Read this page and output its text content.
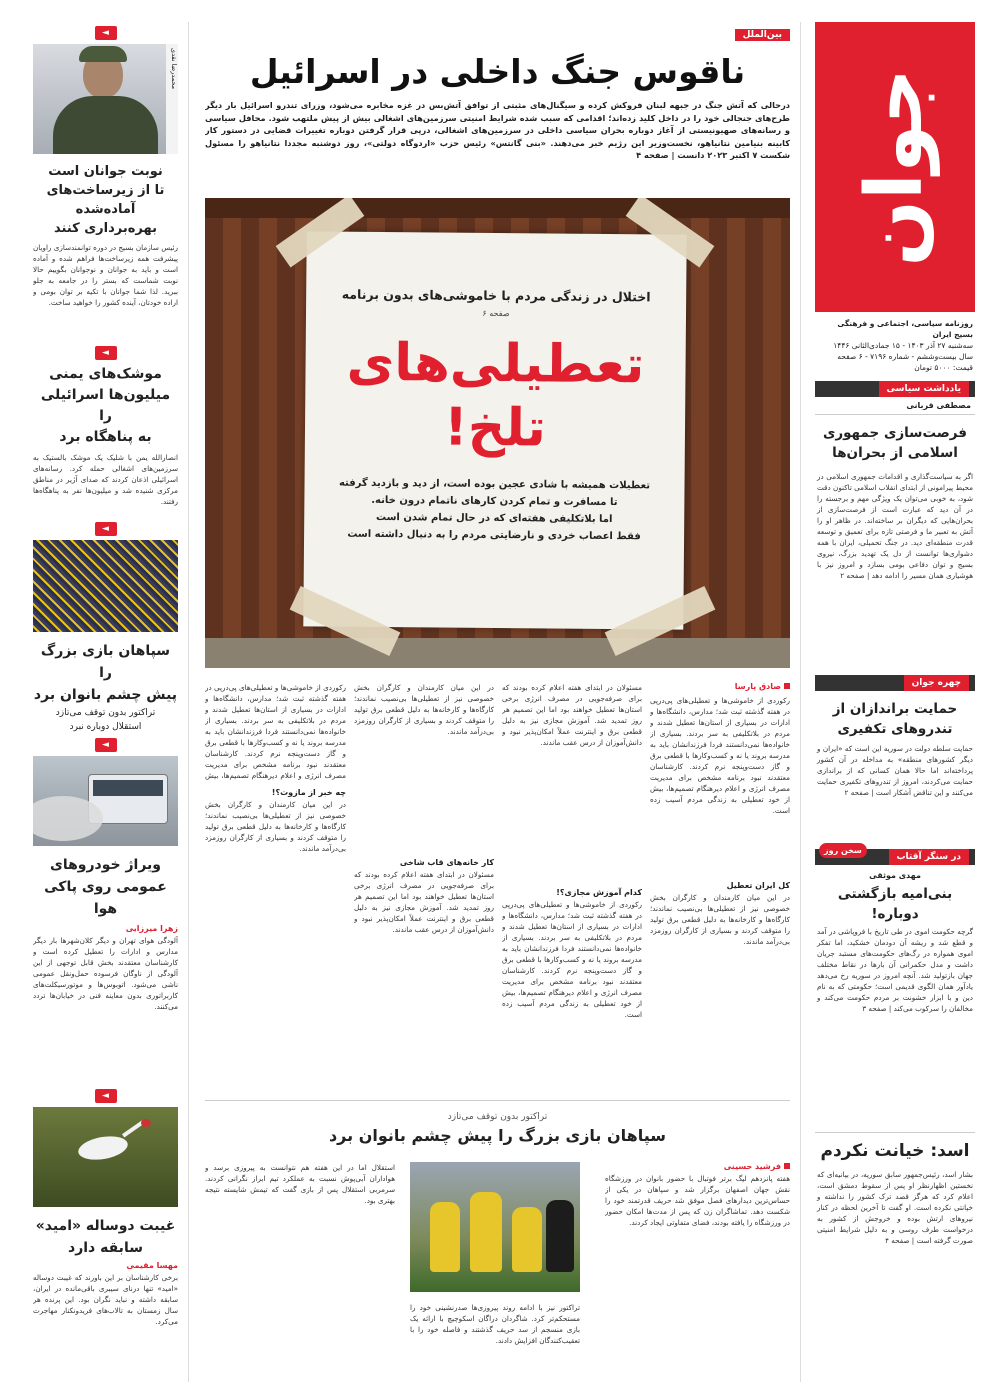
جوان
روزنامه سیاسی، اجتماعی و فرهنگی بسیج ایران
سه‌شنبه ۲۷ آذر ۱۴۰۳ - ۱۵ جمادی‌الثانی ۱۴۴۶
سال بیست‌وششم - شماره ۷۱۹۶ - ۶ صفحه
قیمت: ۵۰۰۰ تومان
یادداشت سیاسی
مصطفی قربانی
فرصت‌سازی جمهوری اسلامی از بحران‌ها
اگر به سیاست‌گذاری و اقدامات جمهوری اسلامی در محیط پیرامونی از ابتدای انقلاب اسلامی تاکنون دقت شود، به خوبی می‌توان یک ویژگی مهم و برجسته را در آن دید که عبارت است از فرصت‌سازی از بحران‌هایی که دیگران بر ساخته‌اند. در ظاهر او را آتش به تعبیر ما و فرصتی تازه برای تعمیق و توسعه قدرت منطقه‌ای دید. در جنگ تحمیلی، ایران با همه دشواری‌ها توانست از دل یک تهدید بزرگ، نیروی بسیج و توان دفاعی بومی بسازد و امروز نیز با هوشیاری همان مسیر را ادامه دهد | صفحه ۲
چهره جوان
حمایت براندازان از تندروهای تکفیری
حمایت سلطه دولت در سوریه این است که «ایران و دیگر کشورهای منطقه» به مداخله در آن کشور پرداخته‌اند اما حالا همان کسانی که از براندازی حمایت می‌کردند، امروز از تندروهای تکفیری حمایت می‌کنند و این تناقض آشکار است | صفحه ۲
در سنگر آقتاب
سخن روز
مهدی موثقی
بنی‌امیه بازگشتی دوباره!
گرچه حکومت اموی در طی تاریخ با فروپاشی در آمد و قطع شد و ریشه آن دودمان خشکید، اما تفکر اموی همواره در رگ‌های حکومت‌های مستبد جریان داشت و مدل حکمرانی آن بارها در نقاط مختلف جهان بازتولید شد. آنچه امروز در سوریه رخ می‌دهد یادآور همان الگوی قدیمی است؛ حکومتی که به نام دین و با ابزار خشونت بر مردم حکومت می‌کند و مخالفان را سرکوب می‌کند | صفحه ۳
اسد: خیانت نکردم
بشار اسد، رئیس‌جمهور سابق سوریه، در بیانیه‌ای که نخستین اظهارنظر او پس از سقوط دمشق است، اعلام کرد که هرگز قصد ترک کشور را نداشته و خیانتی نکرده است. او گفت تا آخرین لحظه در کنار نیروهای ارتش بوده و خروجش از کشور به درخواست طرف روسی و به دلیل شرایط امنیتی صورت گرفته است | صفحه ۴
◄
محمدرضا نقدی
نوبت جوانان است
تا از زیرساخت‌های آماده‌شده
بهره‌برداری کنند
رئیس سازمان بسیج در دوره توانمندسازی راویان پیشرفت همه زیرساخت‌ها فراهم شده و آماده است و باید به جوانان و نوجوانان بگوییم حالا نوبت شماست که بستر را در جامعه به جلو ببرید. لذا شما جوانان با تکیه بر توان بومی و اراده خودتان، آینده کشور را خواهید ساخت.
◄
موشک‌های یمنی
میلیون‌ها اسرائیلی را
به پناهگاه برد
انصارالله یمن با شلیک یک موشک بالستیک به سرزمین‌های اشغالی حمله کرد. رسانه‌های اسرائیلی اذعان کردند که صدای آژیر در مناطق مرکزی شنیده شد و میلیون‌ها نفر به پناهگاه‌ها رفتند.
◄
سپاهان بازی بزرگ را
پیش چشم بانوان برد
تراکتور بدون توقف می‌تازد
استقلال دوباره نبرد
◄
ویراژ خودروهای
عمومی روی پاکی هوا
زهرا میرزایی
آلودگی هوای تهران و دیگر کلان‌شهرها بار دیگر مدارس و ادارات را تعطیل کرده است و کارشناسان معتقدند بخش قابل توجهی از این آلودگی از ناوگان فرسوده حمل‌ونقل عمومی ناشی می‌شود. اتوبوس‌ها و موتورسیکلت‌های کاربراتوری بدون معاینه فنی در خیابان‌ها تردد می‌کنند.
◄
غیبت دوساله «امید»
سابقه دارد
مهسا مقیمی
برخی کارشناسان بر این باورند که غیبت دوساله «امید» تنها درنای سیبری باقی‌مانده در ایران، سابقه داشته و نباید نگران بود. این پرنده هر سال زمستان به تالاب‌های فریدونکنار مهاجرت می‌کرد.
بین‌الملل
ناقوس جنگ داخلی در اسرائیل
درحالی که آتش جنگ در جبهه لبنان فروکش کرده و سیگنال‌های مثبتی از توافق آتش‌بس در غزه مخابره می‌شود، وزرای تندرو اسرائیل بار دیگر طرح‌های جنجالی خود را در داخل کلید زده‌اند؛ اقدامی که سبب شده شرایط امنیتی سرزمین‌های اشغالی بیش از پیش ملتهب شود. محافل سیاسی و رسانه‌های صهیونیستی از آغاز دوباره بحران سیاسی داخلی در سرزمین‌های اشغالی، درپی قرار گرفتن دوباره تغییرات قضایی در دستور کار کابینه بنیامین نتانیاهو، نخست‌وزیر این رژیم خبر می‌دهند. «بنی گانتس» رئیس حزب «اردوگاه دولتی»، روز دوشنبه مجددا نتانیاهو را مسئول شکست ۷ اکتبر ۲۰۲۳ دانست | صفحه ۴
اختلال در زندگی مردم با خاموشی‌های بدون برنامه
صفحه ۶
تعطیلی‌های
تلخ!
تعطیلات همیشه با شادی عجین بوده است، از دید و بازدید گرفته
تا مسافرت و تمام کردن کارهای ناتمام درون خانه.
اما بلاتکلیفی هفته‌ای که در حال تمام شدن است
فقط اعصاب خردی و نارضایتی مردم را به دنبال داشته است
صادق پارسا
رکوردی از خاموشی‌ها و تعطیلی‌های پی‌درپی در هفته گذشته ثبت شد؛ مدارس، دانشگاه‌ها و ادارات در بسیاری از استان‌ها تعطیل شدند و مردم در بلاتکلیفی به سر بردند. بسیاری از خانواده‌ها نمی‌دانستند فردا فرزندانشان باید به مدرسه بروند یا نه و کسب‌وکارها با قطعی برق و گاز دست‌وپنجه نرم کردند. کارشناسان معتقدند نبود برنامه مشخص برای مدیریت مصرف انرژی و اعلام دیرهنگام تصمیم‌ها، بیش از خود تعطیلی به زندگی مردم آسیب زده است.
کل ایران تعطیل
در این میان کارمندان و کارگران بخش خصوصی نیز از تعطیلی‌ها بی‌نصیب نماندند؛ کارگاه‌ها و کارخانه‌ها به دلیل قطعی برق تولید را متوقف کردند و بسیاری از کارگران روزمزد بی‌درآمد ماندند.
مسئولان در ابتدای هفته اعلام کرده بودند که برای صرفه‌جویی در مصرف انرژی برخی استان‌ها تعطیل خواهند بود اما این تصمیم هر روز تمدید شد. آموزش مجازی نیز به دلیل قطعی برق و اینترنت عملاً امکان‌پذیر نبود و دانش‌آموزان از درس عقب ماندند.
کدام آموزش مجازی؟!
رکوردی از خاموشی‌ها و تعطیلی‌های پی‌درپی در هفته گذشته ثبت شد؛ مدارس، دانشگاه‌ها و ادارات در بسیاری از استان‌ها تعطیل شدند و مردم در بلاتکلیفی به سر بردند. بسیاری از خانواده‌ها نمی‌دانستند فردا فرزندانشان باید به مدرسه بروند یا نه و کسب‌وکارها با قطعی برق و گاز دست‌وپنجه نرم کردند. کارشناسان معتقدند نبود برنامه مشخص برای مدیریت مصرف انرژی و اعلام دیرهنگام تصمیم‌ها، بیش از خود تعطیلی به زندگی مردم آسیب زده است.
در این میان کارمندان و کارگران بخش خصوصی نیز از تعطیلی‌ها بی‌نصیب نماندند؛ کارگاه‌ها و کارخانه‌ها به دلیل قطعی برق تولید را متوقف کردند و بسیاری از کارگران روزمزد بی‌درآمد ماندند.
کار خانه‌های قاب شاخی
مسئولان در ابتدای هفته اعلام کرده بودند که برای صرفه‌جویی در مصرف انرژی برخی استان‌ها تعطیل خواهند بود اما این تصمیم هر روز تمدید شد. آموزش مجازی نیز به دلیل قطعی برق و اینترنت عملاً امکان‌پذیر نبود و دانش‌آموزان از درس عقب ماندند.
رکوردی از خاموشی‌ها و تعطیلی‌های پی‌درپی در هفته گذشته ثبت شد؛ مدارس، دانشگاه‌ها و ادارات در بسیاری از استان‌ها تعطیل شدند و مردم در بلاتکلیفی به سر بردند. بسیاری از خانواده‌ها نمی‌دانستند فردا فرزندانشان باید به مدرسه بروند یا نه و کسب‌وکارها با قطعی برق و گاز دست‌وپنجه نرم کردند. کارشناسان معتقدند نبود برنامه مشخص برای مدیریت مصرف انرژی و اعلام دیرهنگام تصمیم‌ها، بیش
چه خبر از مازوت؟!
در این میان کارمندان و کارگران بخش خصوصی نیز از تعطیلی‌ها بی‌نصیب نماندند؛ کارگاه‌ها و کارخانه‌ها به دلیل قطعی برق تولید را متوقف کردند و بسیاری از کارگران روزمزد بی‌درآمد ماندند.
تراکتور بدون توقف می‌تازد
سپاهان بازی بزرگ را پیش چشم بانوان برد
فرشید حسینی
هفته پانزدهم لیگ برتر فوتبال با حضور بانوان در ورزشگاه نقش جهان اصفهان برگزار شد و سپاهان در یکی از حساس‌ترین دیدارهای فصل موفق شد حریف قدرتمند خود را شکست دهد. تماشاگران زن که پس از مدت‌ها امکان حضور در ورزشگاه را یافته بودند، فضای متفاوتی ایجاد کردند.
تراکتور نیز با ادامه روند پیروزی‌ها صدرنشینی خود را مستحکم‌تر کرد. شاگردان دراگان اسکوچیچ با ارائه یک بازی منسجم از سد حریف گذشتند و فاصله خود را با تعقیب‌کنندگان افزایش دادند.
استقلال اما در این هفته هم نتوانست به پیروزی برسد و هواداران آبی‌پوش نسبت به عملکرد تیم ابراز نگرانی کردند. سرمربی استقلال پس از بازی گفت که تیمش شایسته نتیجه بهتری بود.
